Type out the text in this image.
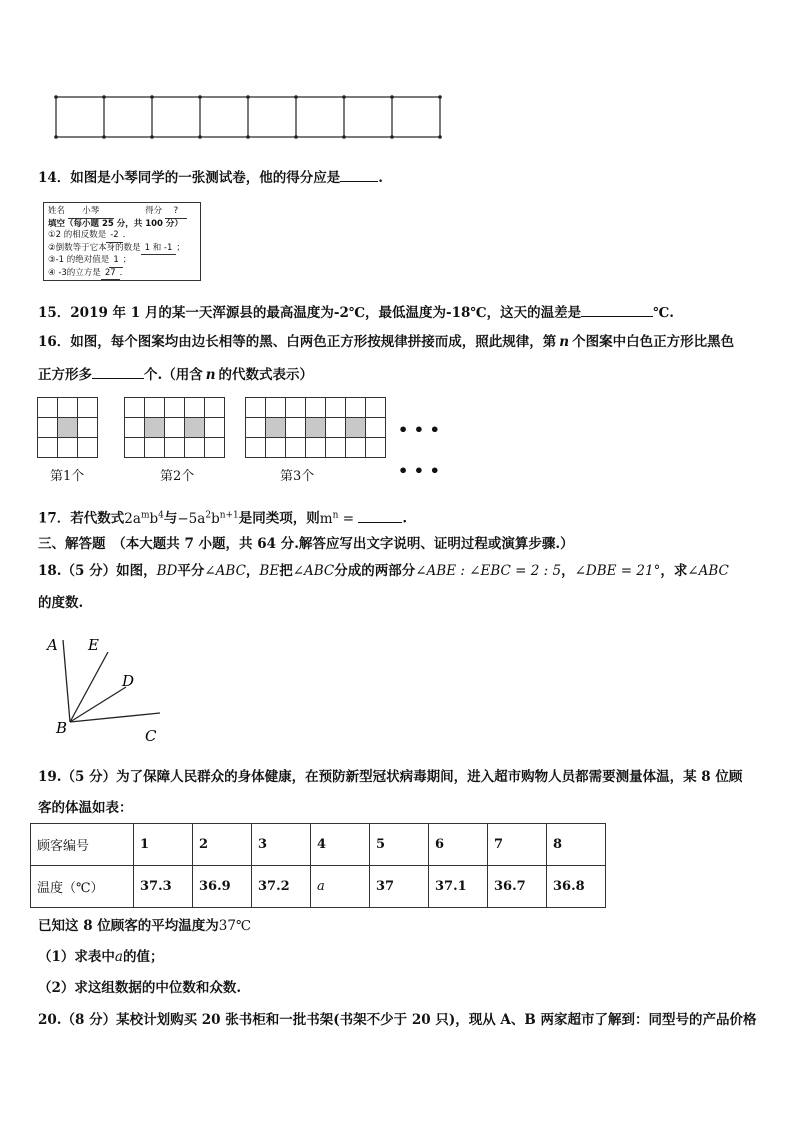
14．如图是小琴同学的一张测试卷，他的得分应是	.
姓名 小琴	得分 ?
填空（每小题 25 分，共 100 分）
①2 的相反数是 -2 ．
②倒数等于它本身的数是 1 和 -1 ；
③-1 的绝对值是 1 ；
④ -3的立方是 27 ．
15．2019 年 1 月的某一天浑源县的最高温度为-2℃，最低温度为-18℃，这天的温差是	℃.
16．如图，每个图案均由边长相等的黑、白两色正方形按规律拼接而成，照此规律，第 n 个图案中白色正方形比黑色
正方形多	个.（用含 n 的代数式表示）
• • •
• • •
第1个	第2个	第3个
17．若代数式$2a^mb^4$与$-5a^2b^{n+1}$是同类项，则$m^n$ =	.
三、解答题　（本大题共 7 小题，共 64 分.解答应写出文字说明、证明过程或演算步骤.）
18.（5 分）如图，BD平分∠ABC，BE把∠ABC分成的两部分∠ABE : ∠EBC = 2 : 5，∠DBE = 21°，求∠ABC
的度数.
A E
D
B	C
19.（5 分）为了保障人民群众的身体健康，在预防新型冠状病毒期间，进入超市购物人员都需要测量体温，某 8 位顾
客的体温如表：
顾客编号	1	2	3	4	5	6	7	8
温度（℃）	37.3	36.9	37.2	a	37	37.1	36.7	36.8
已知这 8 位顾客的平均温度为37℃
（1）求表中a的值；
（2）求这组数据的中位数和众数.
20.（8 分）某校计划购买 20 张书柜和一批书架(书架不少于 20 只)，现从 A、B 两家超市了解到：同型号的产品价格
